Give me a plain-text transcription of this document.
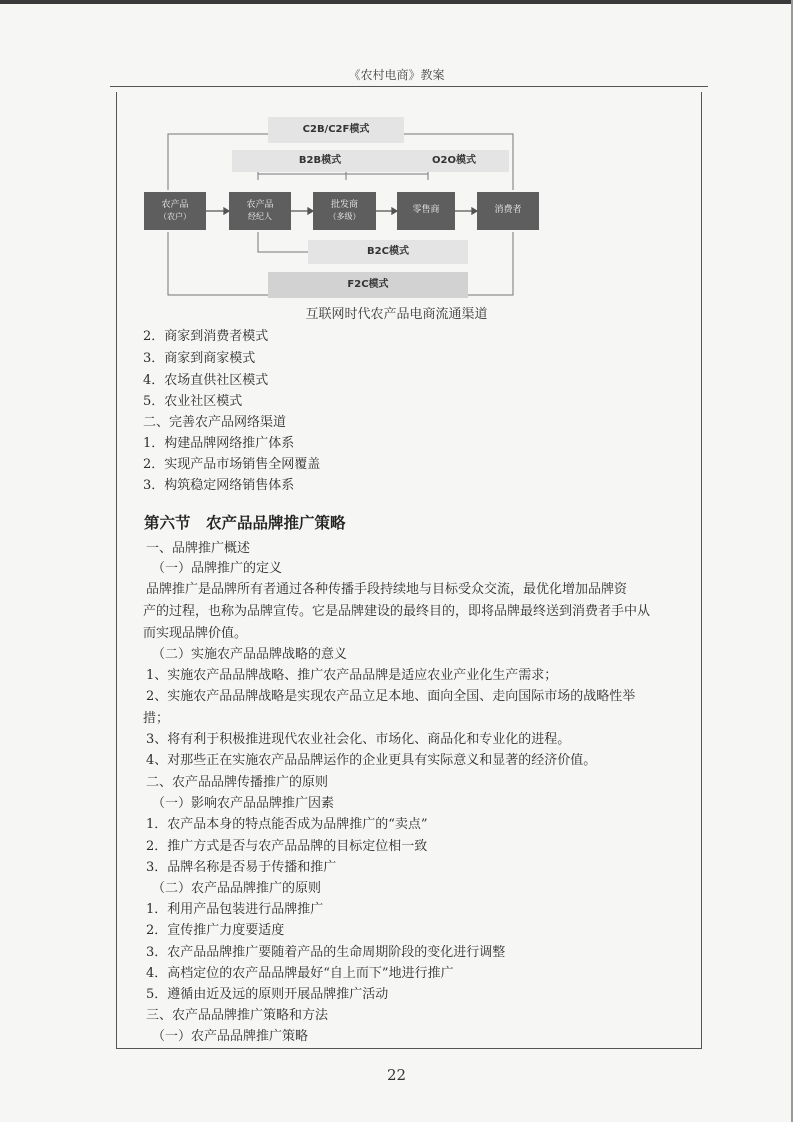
《农村电商》教案
C2B/C2F模式
B2B模式	O2O模式
农产品

（农户）
农产品

经纪人
批发商

（多级）
零售商	消费者
B2C模式
F2C模式
互联网时代农产品电商流通渠道
2．商家到消费者模式
3．商家到商家模式
4．农场直供社区模式
5．农业社区模式
二、完善农产品网络渠道
1．构建品牌网络推广体系
2．实现产品市场销售全网覆盖
3．构筑稳定网络销售体系
第六节　农产品品牌推广策略
一、品牌推广概述
（一）品牌推广的定义
品牌推广是品牌所有者通过各种传播手段持续地与目标受众交流，最优化增加品牌资
产的过程，也称为品牌宣传。它是品牌建设的最终目的，即将品牌最终送到消费者手中从
而实现品牌价值。
（二）实施农产品品牌战略的意义
1、实施农产品品牌战略、推广农产品品牌是适应农业产业化生产需求；
2、实施农产品品牌战略是实现农产品立足本地、面向全国、走向国际市场的战略性举
措；
3、将有利于积极推进现代农业社会化、市场化、商品化和专业化的进程。
4、对那些正在实施农产品品牌运作的企业更具有实际意义和显著的经济价值。
二、农产品品牌传播推广的原则
（一）影响农产品品牌推广因素
1．农产品本身的特点能否成为品牌推广的“卖点”
2．推广方式是否与农产品品牌的目标定位相一致
3．品牌名称是否易于传播和推广
（二）农产品品牌推广的原则
1．利用产品包装进行品牌推广
2．宣传推广力度要适度
3．农产品品牌推广要随着产品的生命周期阶段的变化进行调整
4．高档定位的农产品品牌最好“自上而下”地进行推广
5．遵循由近及远的原则开展品牌推广活动
三、农产品品牌推广策略和方法
（一）农产品品牌推广策略
22
